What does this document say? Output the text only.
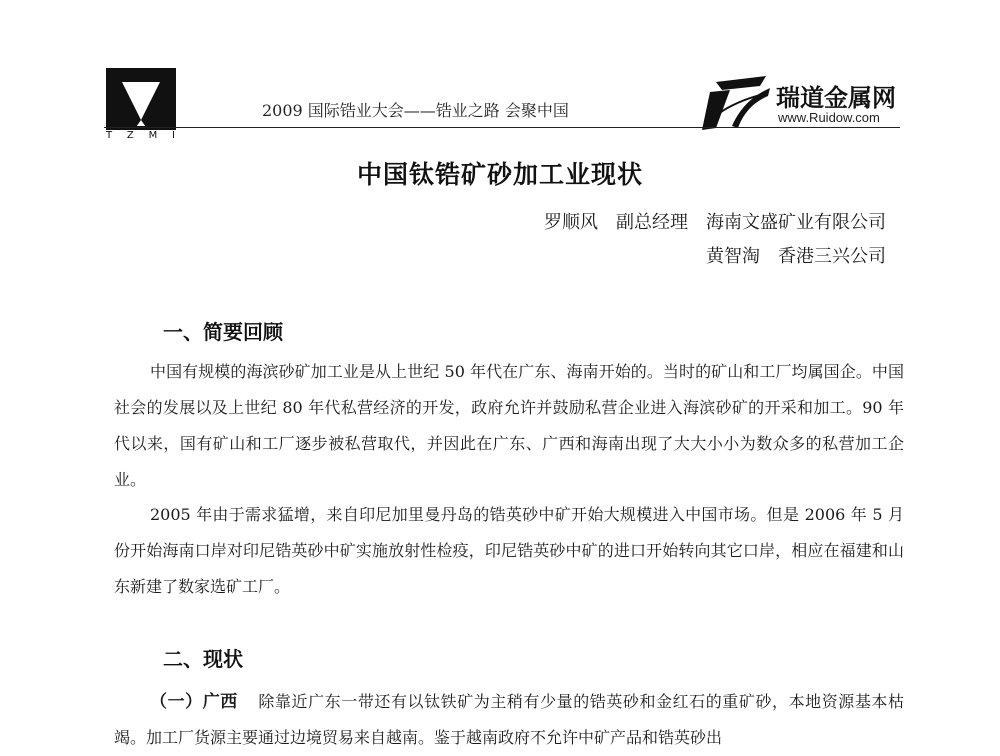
T Z M I
2009 国际锆业大会——锆业之路 会聚中国	瑞道金属网
www.Ruidow.com
中国钛锆矿砂加工业现状
罗顺风 副总经理 海南文盛矿业有限公司
黄智淘 香港三兴公司
一、简要回顾

中国有规模的海滨砂矿加工业是从上世纪 50 年代在广东、海南开始的。当时的矿山和工厂均属国企。中国社会的发展以及上世纪 80 年代私营经济的开发，政府允许并鼓励私营企业进入海滨砂矿的开采和加工。90 年代以来，国有矿山和工厂逐步被私营取代，并因此在广东、广西和海南出现了大大小小为数众多的私营加工企业。

2005 年由于需求猛增，来自印尼加里曼丹岛的锆英砂中矿开始大规模进入中国市场。但是 2006 年 5 月份开始海南口岸对印尼锆英砂中矿实施放射性检疫，印尼锆英砂中矿的进口开始转向其它口岸，相应在福建和山东新建了数家选矿工厂。

二、现状

（一）广西 除靠近广东一带还有以钛铁矿为主稍有少量的锆英砂和金红石的重矿砂，本地资源基本枯竭。加工厂货源主要通过边境贸易来自越南。鉴于越南政府不允许中矿产品和锆英砂出
